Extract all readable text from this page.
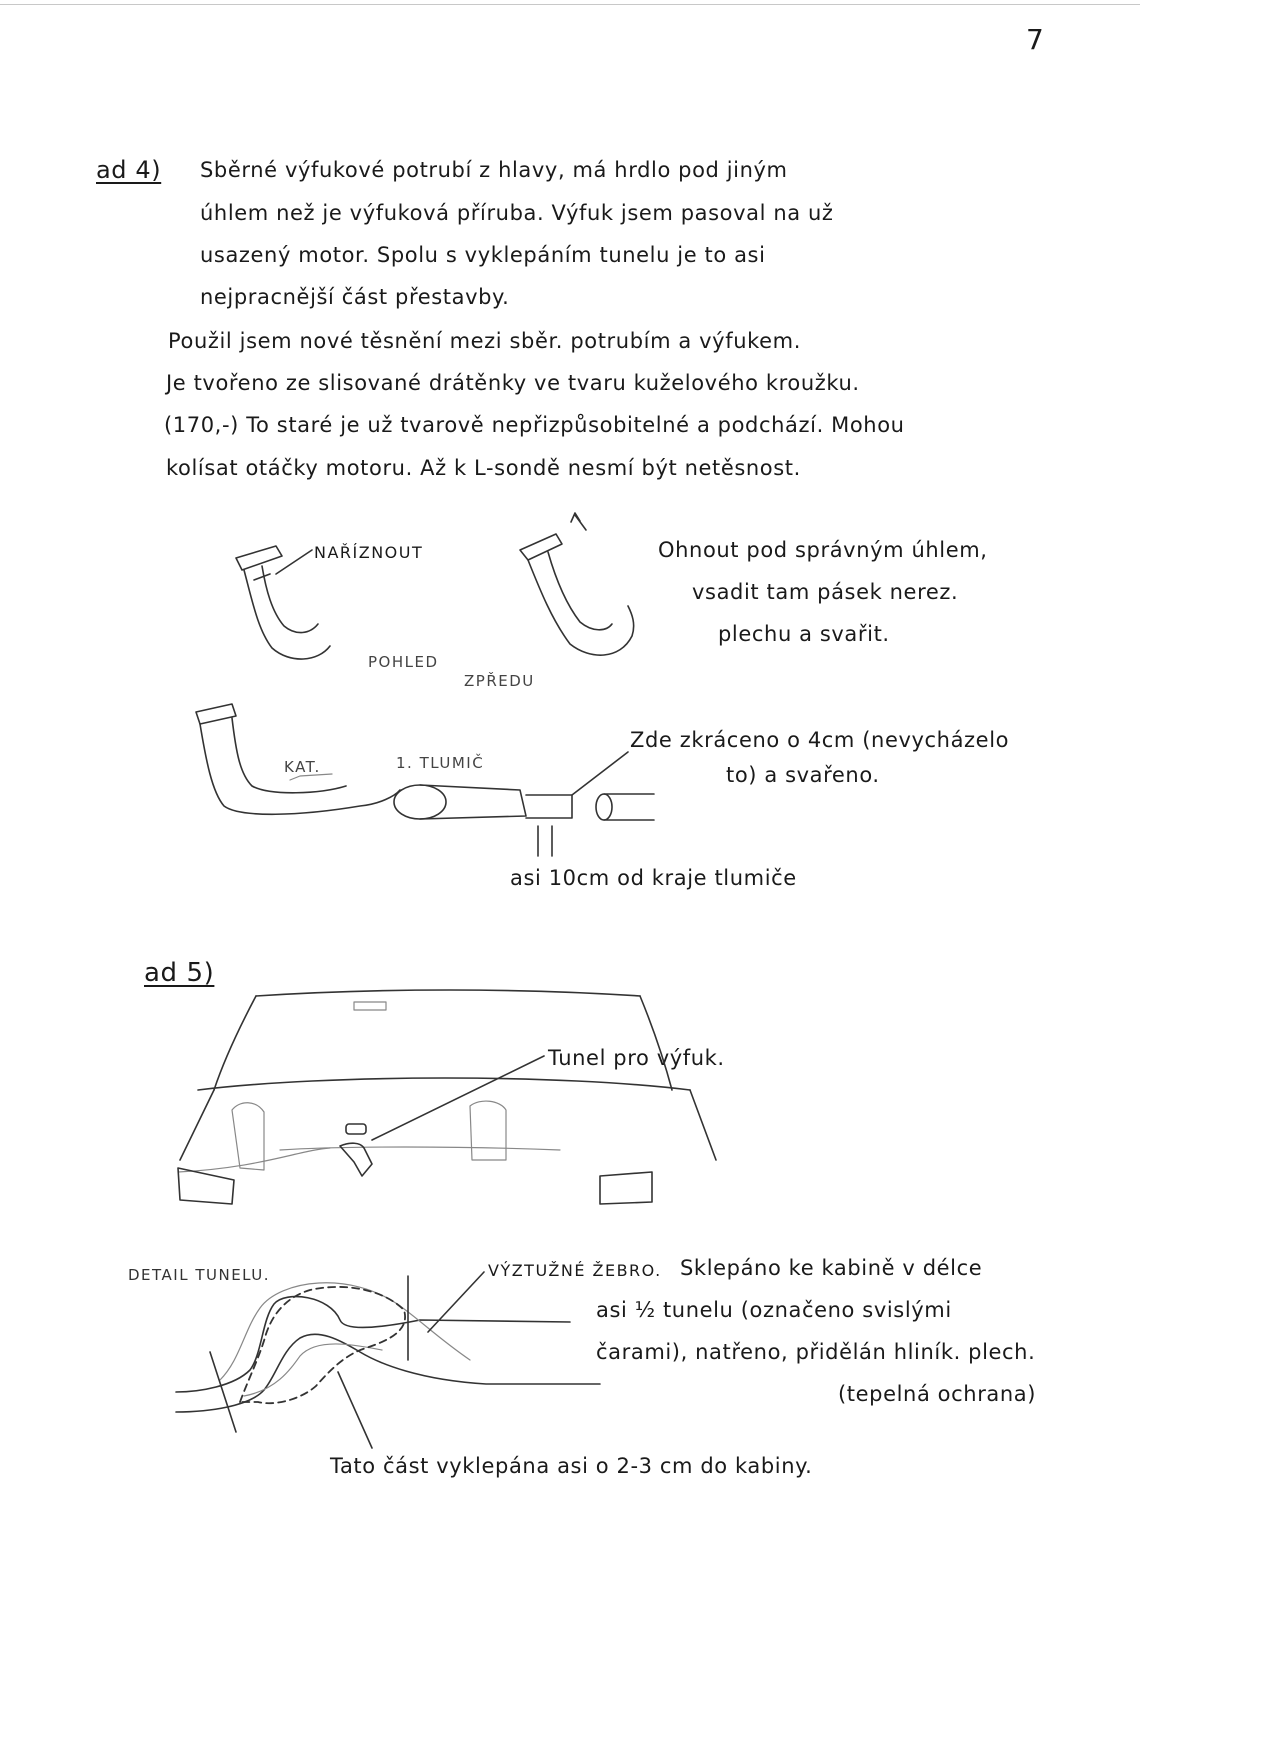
7
ad 4) Sběrné výfukové potrubí z hlavy, má hrdlo pod jiným
úhlem než je výfuková příruba. Výfuk jsem pasoval na už
usazený motor. Spolu s vyklepáním tunelu je to asi
nejpracnější část přestavby.
Použil jsem nové těsnění mezi sběr. potrubím a výfukem.
Je tvořeno ze slisované drátěnky ve tvaru kuželového kroužku.
(170,-) To staré je už tvarově nepřizpůsobitelné a podchází. Mohou
kolísat otáčky motoru. Až k L-sondě nesmí být netěsnost.
NAŘÍZNOUT
POHLED
ZPŘEDU
Ohnout pod správným úhlem,
vsadit tam pásek nerez.
plechu a svařit.
KAT.	1. TLUMIČ
Zde zkráceno o 4cm (nevycházelo
to) a svařeno.
asi 10cm od kraje tlumiče
ad 5)
Tunel pro výfuk.
DETAIL TUNELU.	VÝZTUŽNÉ ŽEBRO. Sklepáno ke kabině v délce
asi ½ tunelu (označeno svislými
čarami), natřeno, přidělán hliník. plech.
(tepelná ochrana)
Tato část vyklepána asi o 2-3 cm do kabiny.
